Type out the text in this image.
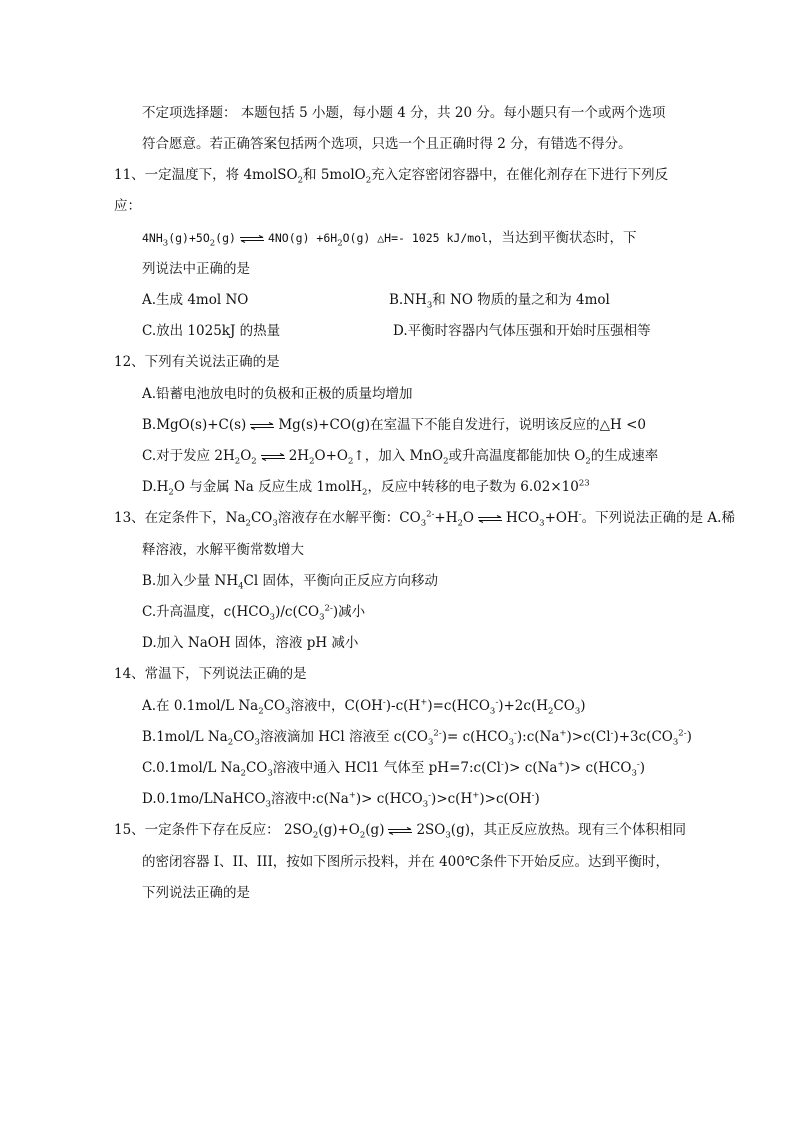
不定项选择题： 本题包括 5 小题，每小题 4 分，共 20 分。每小题只有一个或两个选项
符合愿意。若正确答案包括两个选项，只选一个且正确时得 2 分，有错选不得分。
11、一定温度下，将 4molSO$_2$和 5molO$_2$充入定容密闭容器中，在催化剂存在下进行下列反
应：
$4NH_3(g)+5O_2(g)$ ⇌ $4NO(g) +6H_2O(g)$ △H=- 1025 kJ/mol，当达到平衡状态时，下
列说法中正确的是
A.生成 4mol NO	$B.NH_3$和 NO 物质的量之和为 4mol
C.放出 1025kJ 的热量	D.平衡时容器内气体压强和开始时压强相等
12、下列有关说法正确的是
A.铅蓄电池放电时的负极和正极的质量均增加
B.MgO(s)+C(s) ⇌ Mg(s)+CO(g)在室温下不能自发进行，说明该反应的△H <0
C.对于发应 $2H_2O_2$ ⇌ $2H_2O+O_2↑$，加入 MnO$_2$或升高温度都能加快 $O_2$的生成速率
$D.H_2O$ 与金属 Na 反应生成 1molH$_2$，反应中转移的电子数为 $6.02\times 10^{23}$
13、在定条件下，$Na_2CO_3$溶液存在水解平衡：$CO_3^{2-}+H_2O$ ⇌ $HCO_3+OH^-$。下列说法正确的是 A.稀
释溶液，水解平衡常数增大
B.加入少量 $NH_4Cl$ 固体，平衡向正反应方向移动
C.升高温度，$c(HCO_3)/c(CO_3^{2-})$减小
D.加入 NaOH 固体，溶液 pH 减小
14、常温下，下列说法正确的是
A.在 0.1mol/L $Na_2CO_3$溶液中，$C(OH^-)-c(H^+)=c(HCO_3^-)+2c(H_2CO_3)$
B.1mol/L $Na_2CO_3$溶液滴加 HCl 溶液至 $c(CO_3^{2-})=$ $c(HCO_3^-):c(Na^+)>c(Cl^-)+3c(CO_3^{2-})$
C.0.1mol/L $Na_2CO_3$溶液中通入 HCl1 气体至 pH=7:c(Cl-)> $c(Na^+)> c(HCO_3^-)$
D.0.1mo/LNaHCO$_3$溶液中:c(Na+)> $c(HCO_3^-)>c(H^+)>c(OH^-)$
15、一定条件下存在反应： $2SO_2(g)+O_2(g)$ ⇌ $2SO_3(g)$，其正反应放热。现有三个体积相同
的密闭容器 I、II、III，按如下图所示投料，并在 400℃条件下开始反应。达到平衡时，
下列说法正确的是
